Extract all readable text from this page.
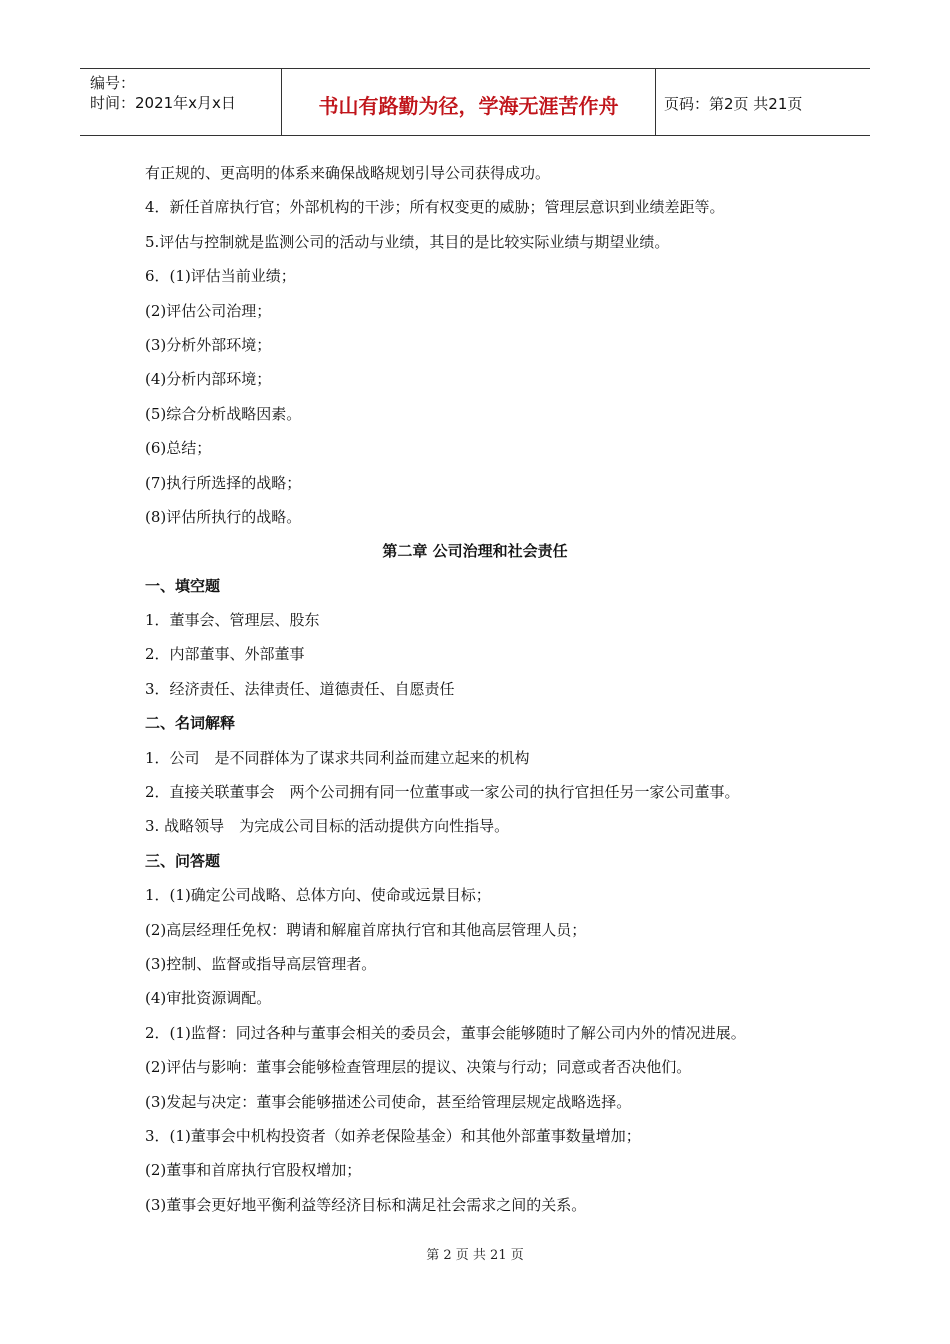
编号：
时间：2021年x月x日	书山有路勤为径，学海无涯苦作舟	页码：第2页 共21页
有正规的、更高明的体系来确保战略规划引导公司获得成功。
4．新任首席执行官；外部机构的干涉；所有权变更的威胁；管理层意识到业绩差距等。
5.评估与控制就是监测公司的活动与业绩，其目的是比较实际业绩与期望业绩。
6．(1)评估当前业绩；
(2)评估公司治理；
(3)分析外部环境；
(4)分析内部环境；
(5)综合分析战略因素。
(6)总结；
(7)执行所选择的战略；
(8)评估所执行的战略。
第二章 公司治理和社会责任
一、填空题
1．董事会、管理层、股东
2．内部董事、外部董事
3．经济责任、法律责任、道德责任、自愿责任
二、名词解释
1．公司　是不同群体为了谋求共同利益而建立起来的机构
2．直接关联董事会　两个公司拥有同一位董事或一家公司的执行官担任另一家公司董事。
3. 战略领导　为完成公司目标的活动提供方向性指导。
三、问答题
1．(1)确定公司战略、总体方向、使命或远景目标；
(2)高层经理任免权：聘请和解雇首席执行官和其他高层管理人员；
(3)控制、监督或指导高层管理者。
(4)审批资源调配。
2．(1)监督：同过各种与董事会相关的委员会，董事会能够随时了解公司内外的情况进展。
(2)评估与影响：董事会能够检查管理层的提议、决策与行动；同意或者否决他们。
(3)发起与决定：董事会能够描述公司使命，甚至给管理层规定战略选择。
3．(1)董事会中机构投资者（如养老保险基金）和其他外部董事数量增加；
(2)董事和首席执行官股权增加；
(3)董事会更好地平衡利益等经济目标和满足社会需求之间的关系。
第 2 页 共 21 页
